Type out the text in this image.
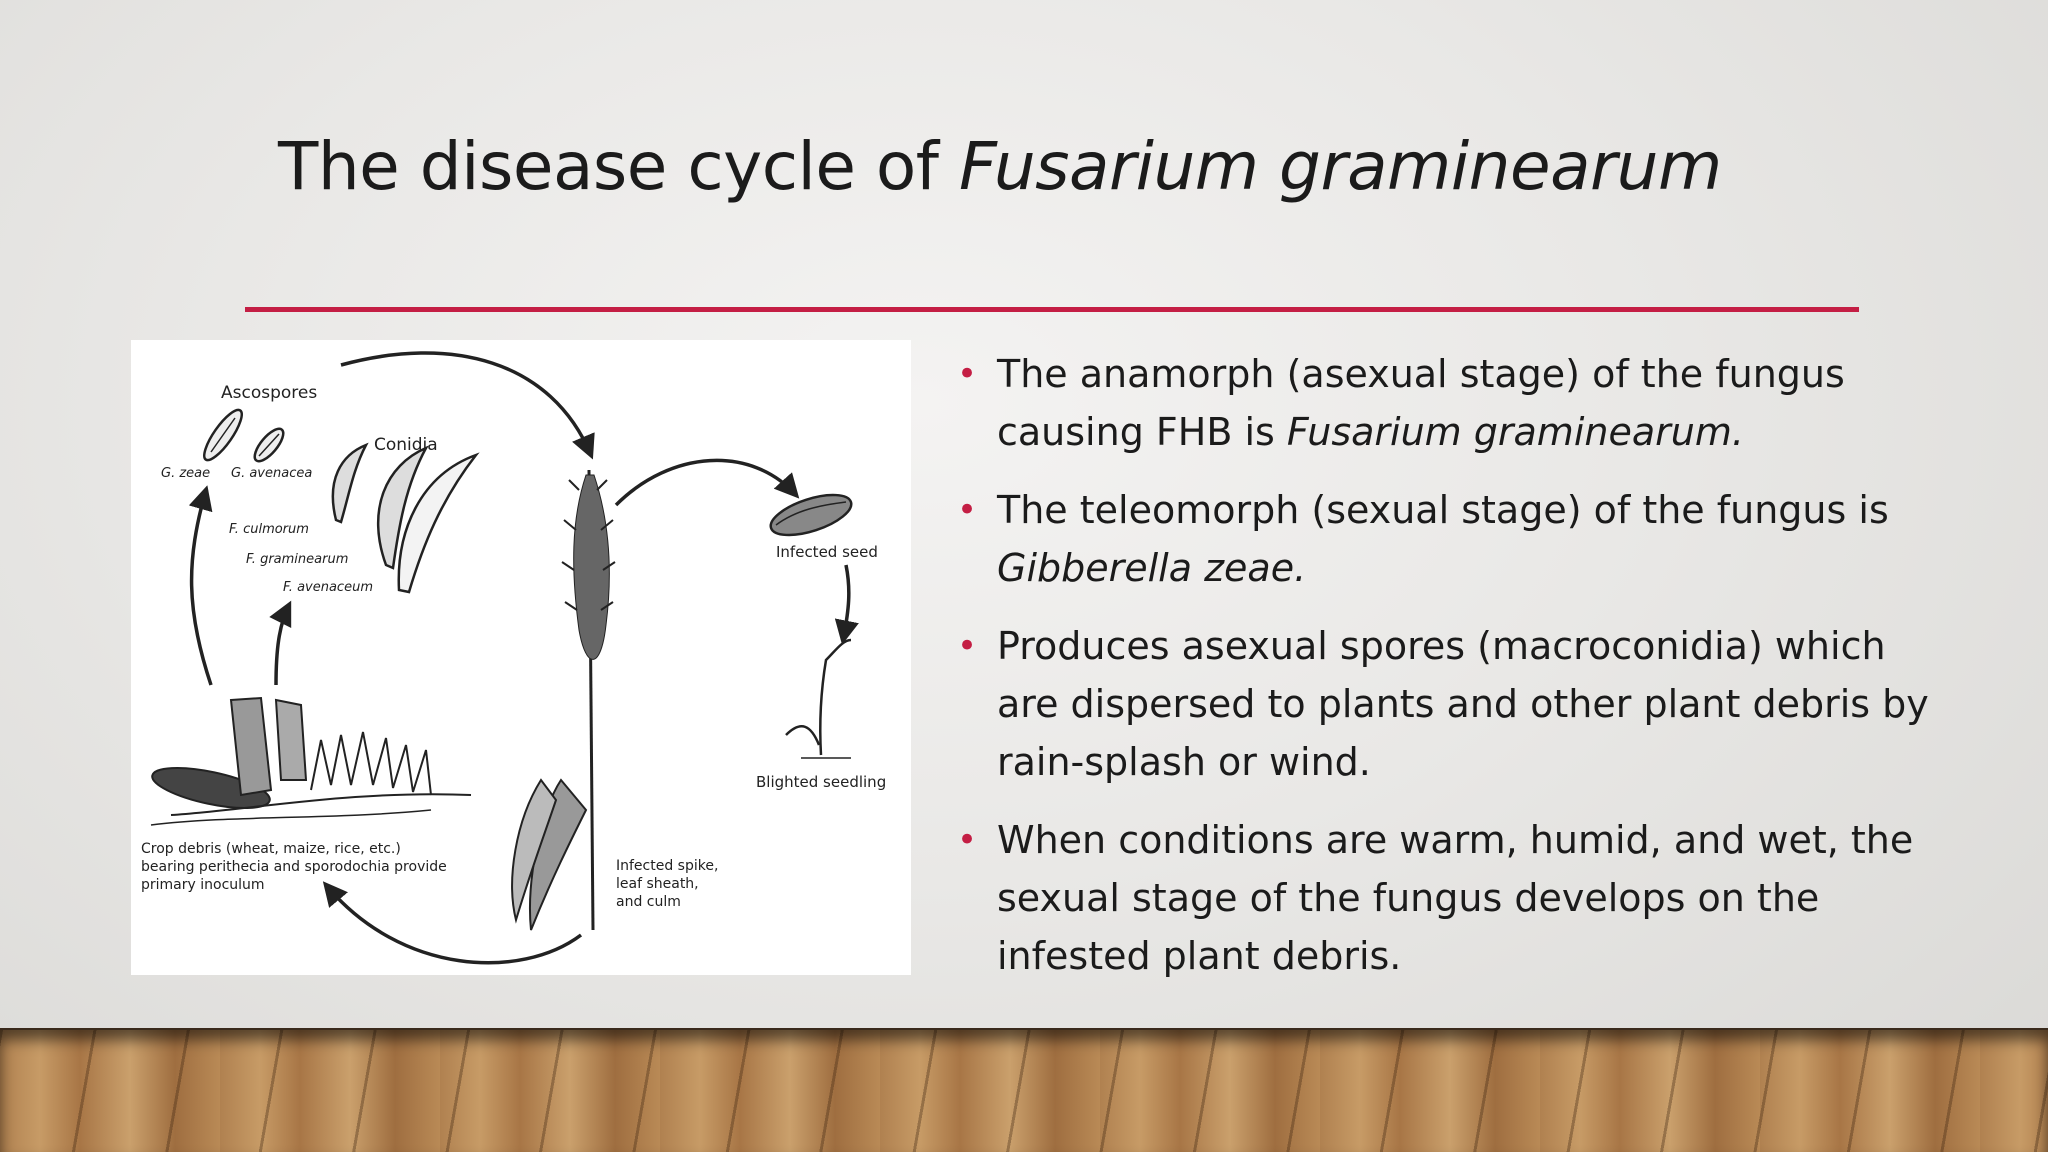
The disease cycle of Fusarium graminearum
Ascospores
G. zeae G. avenacea
Conidia
F. culmorum
F. graminearum
F. avenaceum
Infected seed
Blighted seedling
Crop debris (wheat, maize, rice, etc.)
bearing perithecia and sporodochia provide
primary inoculum
Infected spike,
leaf sheath,
and culm
• The anamorph (asexual stage) of the fungus causing FHB is Fusarium graminearum.
• The teleomorph (sexual stage) of the fungus is Gibberella zeae.
• Produces asexual spores (macroconidia) which are dispersed to plants and other plant debris by rain-splash or wind.
• When conditions are warm, humid, and wet, the sexual stage of the fungus develops on the infested plant debris.
